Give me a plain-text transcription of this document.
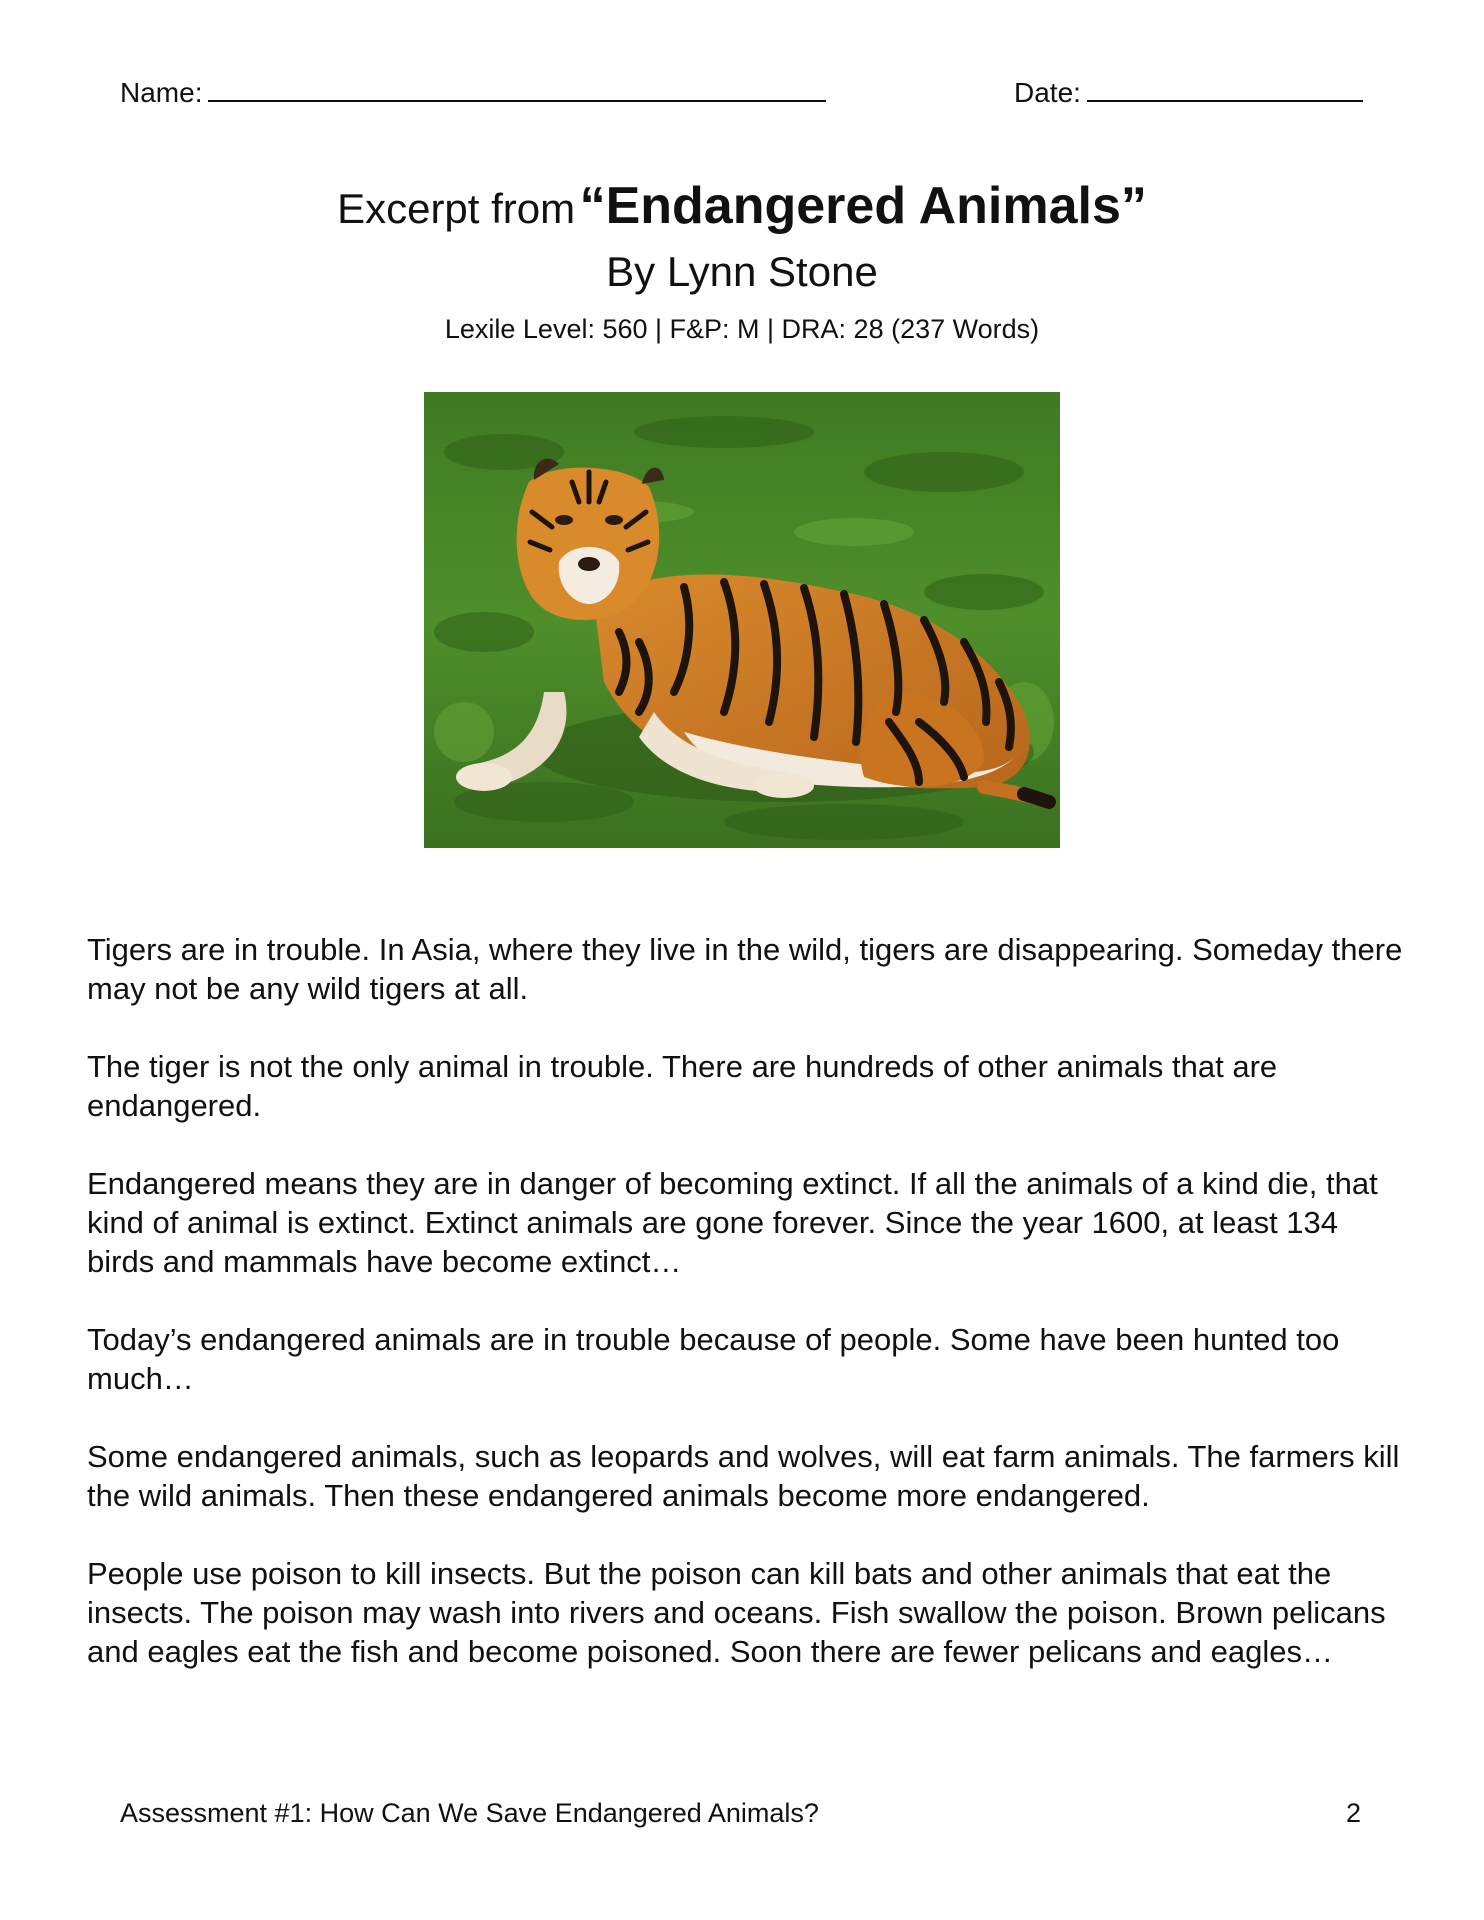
Name:	Date:
Excerpt from “Endangered Animals”
By Lynn Stone
Lexile Level: 560 | F&P: M | DRA: 28 (237 Words)

Tigers are in trouble. In Asia, where they live in the wild, tigers are disappearing. Someday there may not be any wild tigers at all.

The tiger is not the only animal in trouble. There are hundreds of other animals that are endangered.

Endangered means they are in danger of becoming extinct. If all the animals of a kind die, that kind of animal is extinct. Extinct animals are gone forever. Since the year 1600, at least 134 birds and mammals have become extinct…

Today’s endangered animals are in trouble because of people. Some have been hunted too much…

Some endangered animals, such as leopards and wolves, will eat farm animals. The farmers kill the wild animals. Then these endangered animals become more endangered.

People use poison to kill insects. But the poison can kill bats and other animals that eat the insects. The poison may wash into rivers and oceans. Fish swallow the poison. Brown pelicans and eagles eat the fish and become poisoned. Soon there are fewer pelicans and eagles…

Assessment #1: How Can We Save Endangered Animals?	2
